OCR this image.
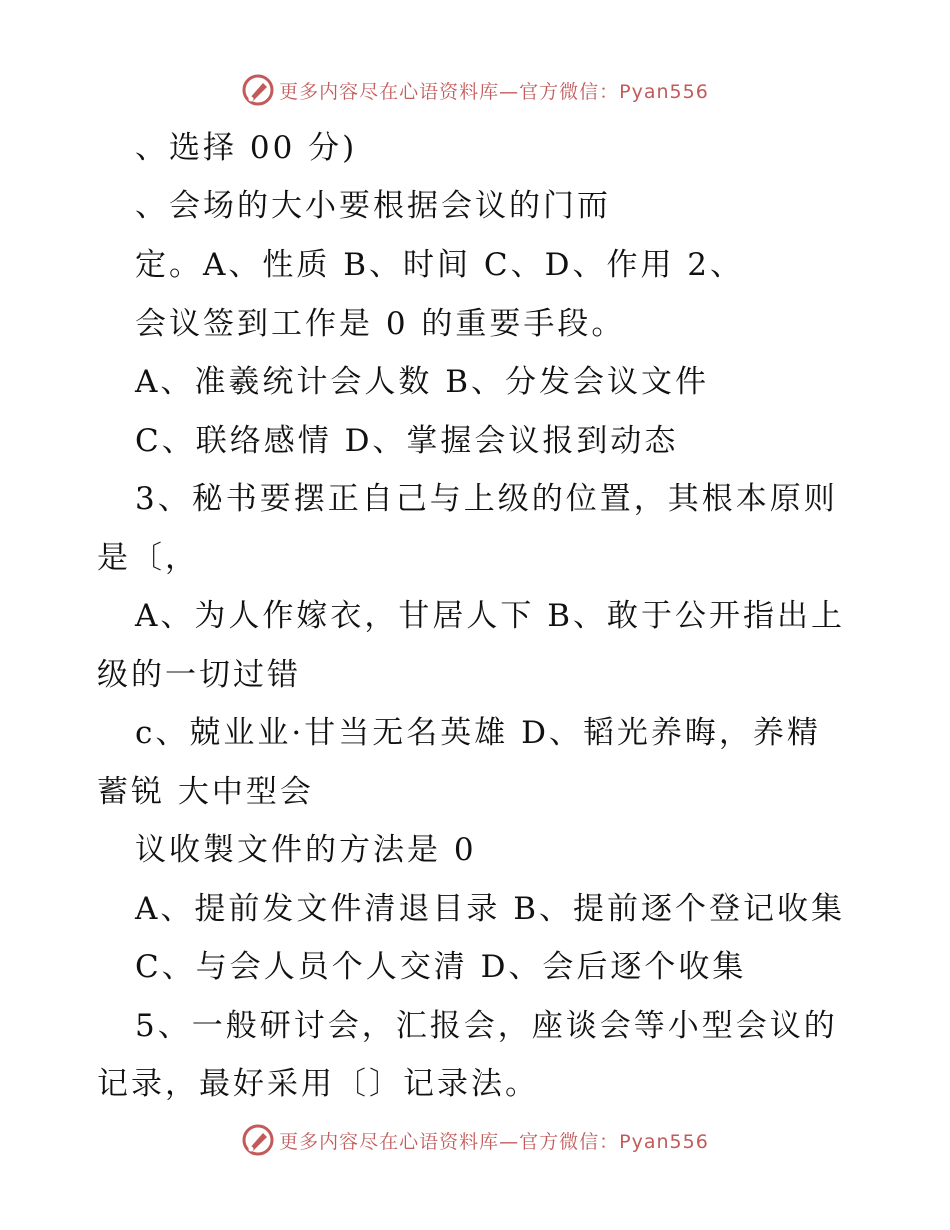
更多内容尽在心语资料库—官方微信：Pyan556
、选择 00 分)
、会场的大小要根据会议的门而
定。A、性质 B、时间 C、D、作用 2、
会议签到工作是 0 的重要手段。
A、准羲统计会人数 B、分发会议文件
C、联络感情 D、掌握会议报到动态
3、秘书要摆正自己与上级的位置，其根本原则
是〔，
A、为人作嫁衣，甘居人下 B、敢于公开指出上
级的一切过错
c、兢业业·甘当无名英雄 D、韬光养晦，养精
蓄锐 大中型会
议收製文件的方法是 0
A、提前发文件清退目录 B、提前逐个登记收集
C、与会人员个人交清 D、会后逐个收集
5、一般研讨会，汇报会，座谈会等小型会议的
记录，最好采用〔〕记录法。
更多内容尽在心语资料库—官方微信：Pyan556
